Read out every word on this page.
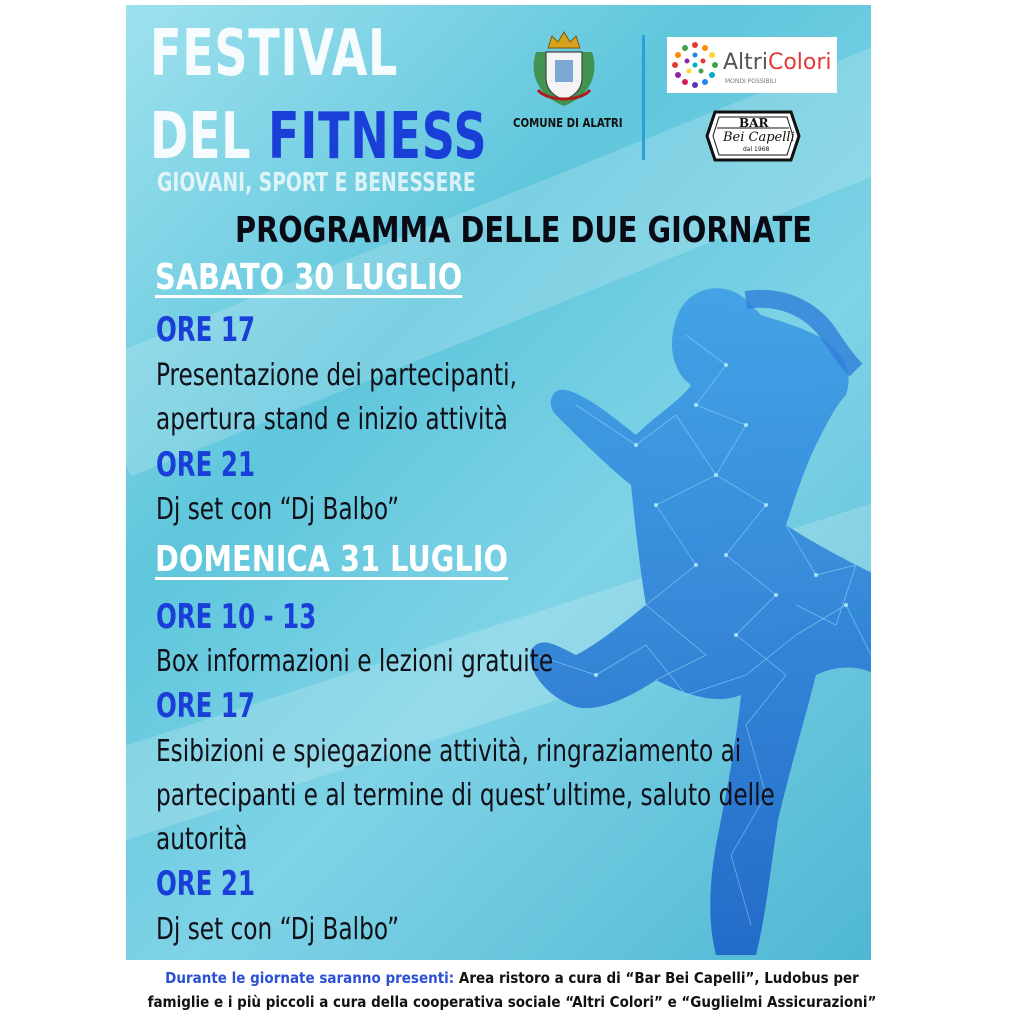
FESTIVAL
DEL FITNESS
GIOVANI, SPORT E BENESSERE
COMUNE DI ALATRI
AltriColori
MONDI POSSIBILI
BAR
Bei Capelli
dal 1968
PROGRAMMA DELLE DUE GIORNATE
SABATO 30 LUGLIO
ORE 17
Presentazione dei partecipanti,
apertura stand e inizio attività
ORE 21
Dj set con “Dj Balbo”
DOMENICA 31 LUGLIO
ORE 10 - 13
Box informazioni e lezioni gratuite
ORE 17
Esibizioni e spiegazione attività, ringraziamento ai
partecipanti e al termine di quest’ultime, saluto delle
autorità
ORE 21
Dj set con “Dj Balbo”
Durante le giornate saranno presenti: Area ristoro a cura di “Bar Bei Capelli”, Ludobus per
famiglie e i più piccoli a cura della cooperativa sociale “Altri Colori” e “Guglielmi Assicurazioni”
